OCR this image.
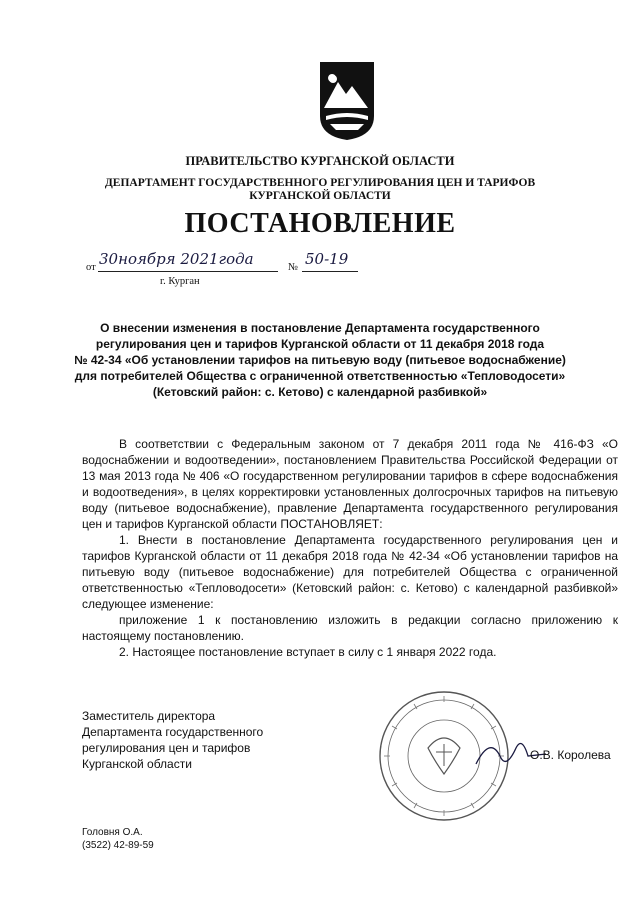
ПРАВИТЕЛЬСТВО КУРГАНСКОЙ ОБЛАСТИ
ДЕПАРТАМЕНТ ГОСУДАРСТВЕННОГО РЕГУЛИРОВАНИЯ ЦЕН И ТАРИФОВ
КУРГАНСКОЙ ОБЛАСТИ
ПОСТАНОВЛЕНИЕ
от 30ноября 2021года	№ 50-19
г. Курган
О внесении изменения в постановление Департамента государственного
регулирования цен и тарифов Курганской области от 11 декабря 2018 года
№ 42-34 «Об установлении тарифов на питьевую воду (питьевое водоснабжение)
для потребителей Общества с ограниченной ответственностью «Тепловодосети»
(Кетовский район: с. Кетово) с календарной разбивкой»

В соответствии с Федеральным законом от 7 декабря 2011 года № 416-ФЗ «О водоснабжении и водоотведении», постановлением Правительства Российской Федерации от 13 мая 2013 года № 406 «О государственном регулировании тарифов в сфере водоснабжения и водоотведения», в целях корректировки установленных долгосрочных тарифов на питьевую воду (питьевое водоснабжение), правление Департамента государственного регулирования цен и тарифов Курганской области ПОСТАНОВЛЯЕТ:

1. Внести в постановление Департамента государственного регулирования цен и тарифов Курганской области от 11 декабря 2018 года № 42-34 «Об установлении тарифов на питьевую воду (питьевое водоснабжение) для потребителей Общества с ограниченной ответственностью «Тепловодосети» (Кетовский район: с. Кетово) с календарной разбивкой» следующее изменение:

приложение 1 к постановлению изложить в редакции согласно приложению к настоящему постановлению.

2. Настоящее постановление вступает в силу с 1 января 2022 года.

Заместитель директора
Департамента государственного
регулирования цен и тарифов
Курганской области
О.В. Королева
Головня О.А.
(3522) 42-89-59
